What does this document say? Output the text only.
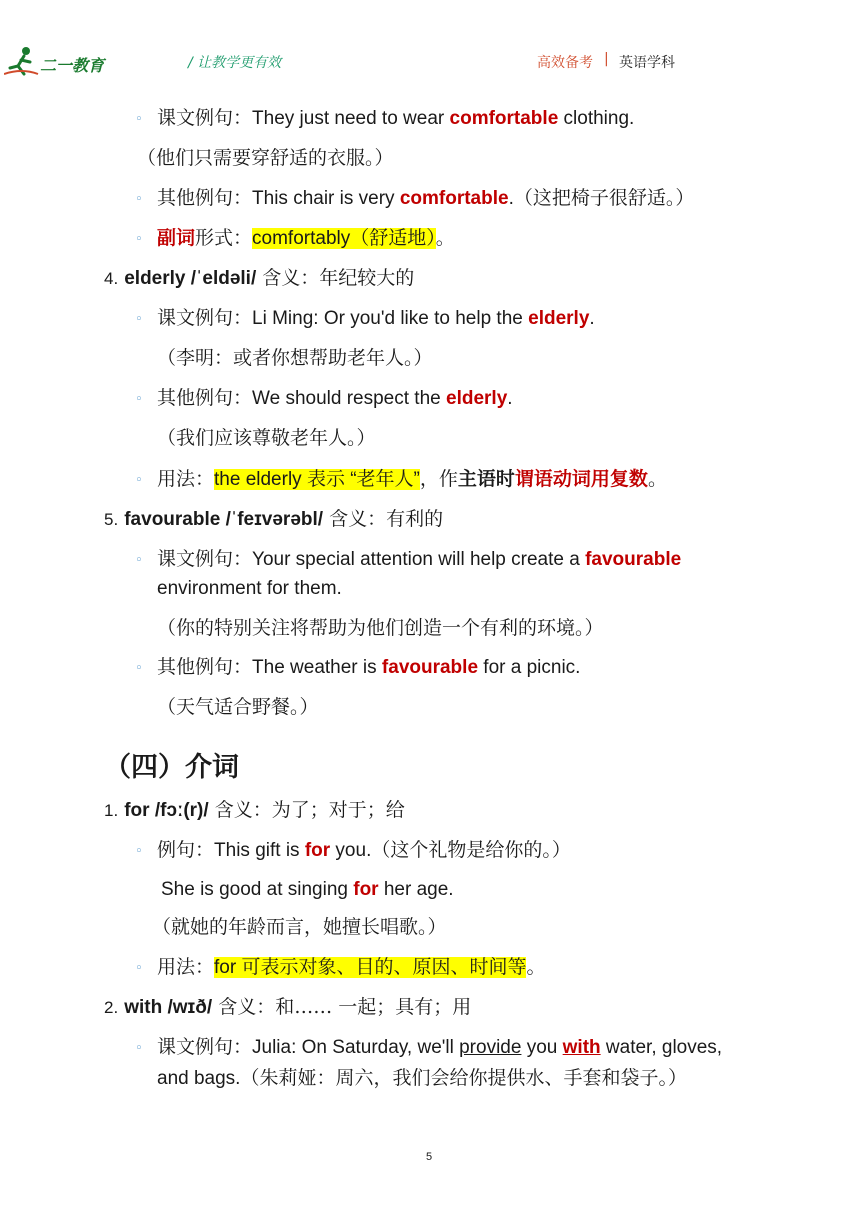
二一教育	/ 让教学更有效	高效备考 | 英语学科
◦ 课文例句：They just need to wear comfortable clothing.
（他们只需要穿舒适的衣服。）
◦ 其他例句：This chair is very comfortable.（这把椅子很舒适。）
◦ 副词形式：comfortably（舒适地）。
4. elderly /ˈeldəli/ 含义：年纪较大的
◦ 课文例句：Li Ming: Or you'd like to help the elderly.
（李明：或者你想帮助老年人。）
◦ 其他例句：We should respect the elderly.
（我们应该尊敬老年人。）
◦ 用法：the elderly 表示 “老年人”，作主语时谓语动词用复数。
5. favourable /ˈfeɪvərəbl/ 含义：有利的
◦ 课文例句：Your special attention will help create a favourable
environment for them.
（你的特别关注将帮助为他们创造一个有利的环境。）
◦ 其他例句：The weather is favourable for a picnic.
（天气适合野餐。）
（四）介词
1. for /fɔː(r)/ 含义：为了；对于；给
◦ 例句：This gift is for you.（这个礼物是给你的。）
She is good at singing for her age.
（就她的年龄而言，她擅长唱歌。）
◦ 用法：for 可表示对象、目的、原因、时间等。
2. with /wɪð/ 含义：和…… 一起；具有；用
◦ 课文例句：Julia: On Saturday, we'll provide you with water, gloves,
and bags.（朱莉娅：周六，我们会给你提供水、手套和袋子。）
5
